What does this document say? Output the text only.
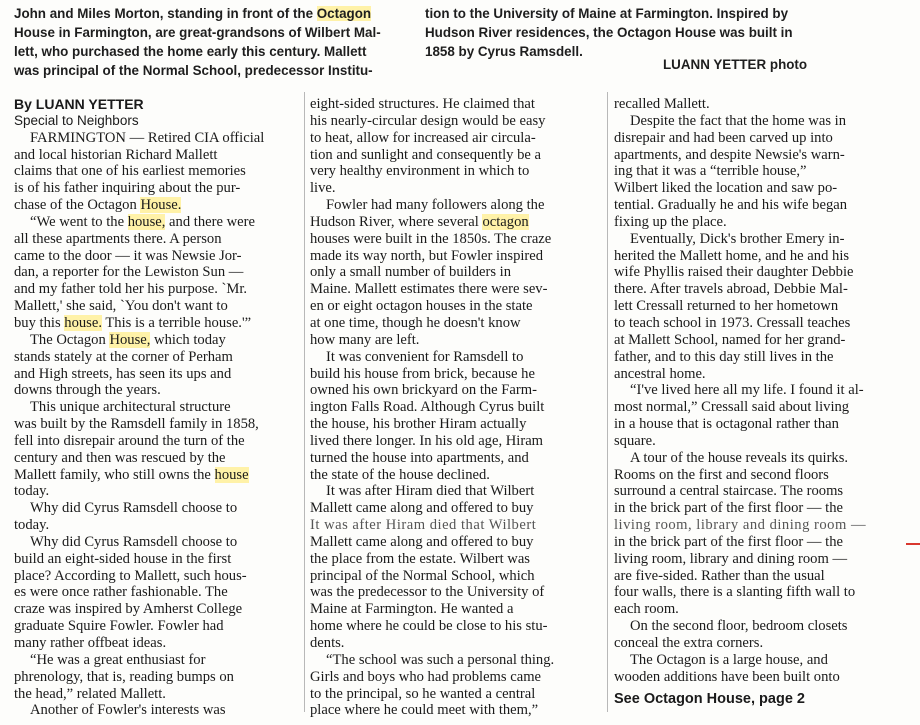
John and Miles Morton, standing in front of the Octagon
House in Farmington, are great-grandsons of Wilbert Mal-
lett, who purchased the home early this century. Mallett
was principal of the Normal School, predecessor Institu-
tion to the University of Maine at Farmington. Inspired by
Hudson River residences, the Octagon House was built in
1858 by Cyrus Ramsdell.
LUANN YETTER photo
By LUANN YETTER
Special to Neighbors
FARMINGTON — Retired CIA official
and local historian Richard Mallett
claims that one of his earliest memories
is of his father inquiring about the pur-
chase of the Octagon House.
“We went to the house, and there were
all these apartments there. A person
came to the door — it was Newsie Jor-
dan, a reporter for the Lewiston Sun —
and my father told her his purpose. `Mr.
Mallett,' she said, `You don't want to
buy this house. This is a terrible house.'”
The Octagon House, which today
stands stately at the corner of Perham
and High streets, has seen its ups and
downs through the years.
This unique architectural structure
was built by the Ramsdell family in 1858,
fell into disrepair around the turn of the
century and then was rescued by the
Mallett family, who still owns the house
today.
Why did Cyrus Ramsdell choose to
today.
Why did Cyrus Ramsdell choose to
build an eight-sided house in the first
place? According to Mallett, such hous-
es were once rather fashionable. The
craze was inspired by Amherst College
graduate Squire Fowler. Fowler had
many rather offbeat ideas.
“He was a great enthusiast for
phrenology, that is, reading bumps on
the head,” related Mallett.
Another of Fowler's interests was
eight-sided structures. He claimed that
his nearly-circular design would be easy
to heat, allow for increased air circula-
tion and sunlight and consequently be a
very healthy environment in which to
live.
Fowler had many followers along the
Hudson River, where several octagon
houses were built in the 1850s. The craze
made its way north, but Fowler inspired
only a small number of builders in
Maine. Mallett estimates there were sev-
en or eight octagon houses in the state
at one time, though he doesn't know
how many are left.
It was convenient for Ramsdell to
build his house from brick, because he
owned his own brickyard on the Farm-
ington Falls Road. Although Cyrus built
the house, his brother Hiram actually
lived there longer. In his old age, Hiram
turned the house into apartments, and
the state of the house declined.
It was after Hiram died that Wilbert
Mallett came along and offered to buy
It was after Hiram died that Wilbert
Mallett came along and offered to buy
the place from the estate. Wilbert was
principal of the Normal School, which
was the predecessor to the University of
Maine at Farmington. He wanted a
home where he could be close to his stu-
dents.
“The school was such a personal thing.
Girls and boys who had problems came
to the principal, so he wanted a central
place where he could meet with them,”
recalled Mallett.
Despite the fact that the home was in
disrepair and had been carved up into
apartments, and despite Newsie's warn-
ing that it was a “terrible house,”
Wilbert liked the location and saw po-
tential. Gradually he and his wife began
fixing up the place.
Eventually, Dick's brother Emery in-
herited the Mallett home, and he and his
wife Phyllis raised their daughter Debbie
there. After travels abroad, Debbie Mal-
lett Cressall returned to her hometown
to teach school in 1973. Cressall teaches
at Mallett School, named for her grand-
father, and to this day still lives in the
ancestral home.
“I've lived here all my life. I found it al-
most normal,” Cressall said about living
in a house that is octagonal rather than
square.
A tour of the house reveals its quirks.
Rooms on the first and second floors
surround a central staircase. The rooms
in the brick part of the first floor — the
living room, library and dining room —
in the brick part of the first floor — the
living room, library and dining room —
are five-sided. Rather than the usual
four walls, there is a slanting fifth wall to
each room.
On the second floor, bedroom closets
conceal the extra corners.
The Octagon is a large house, and
wooden additions have been built onto
See Octagon House, page 2
